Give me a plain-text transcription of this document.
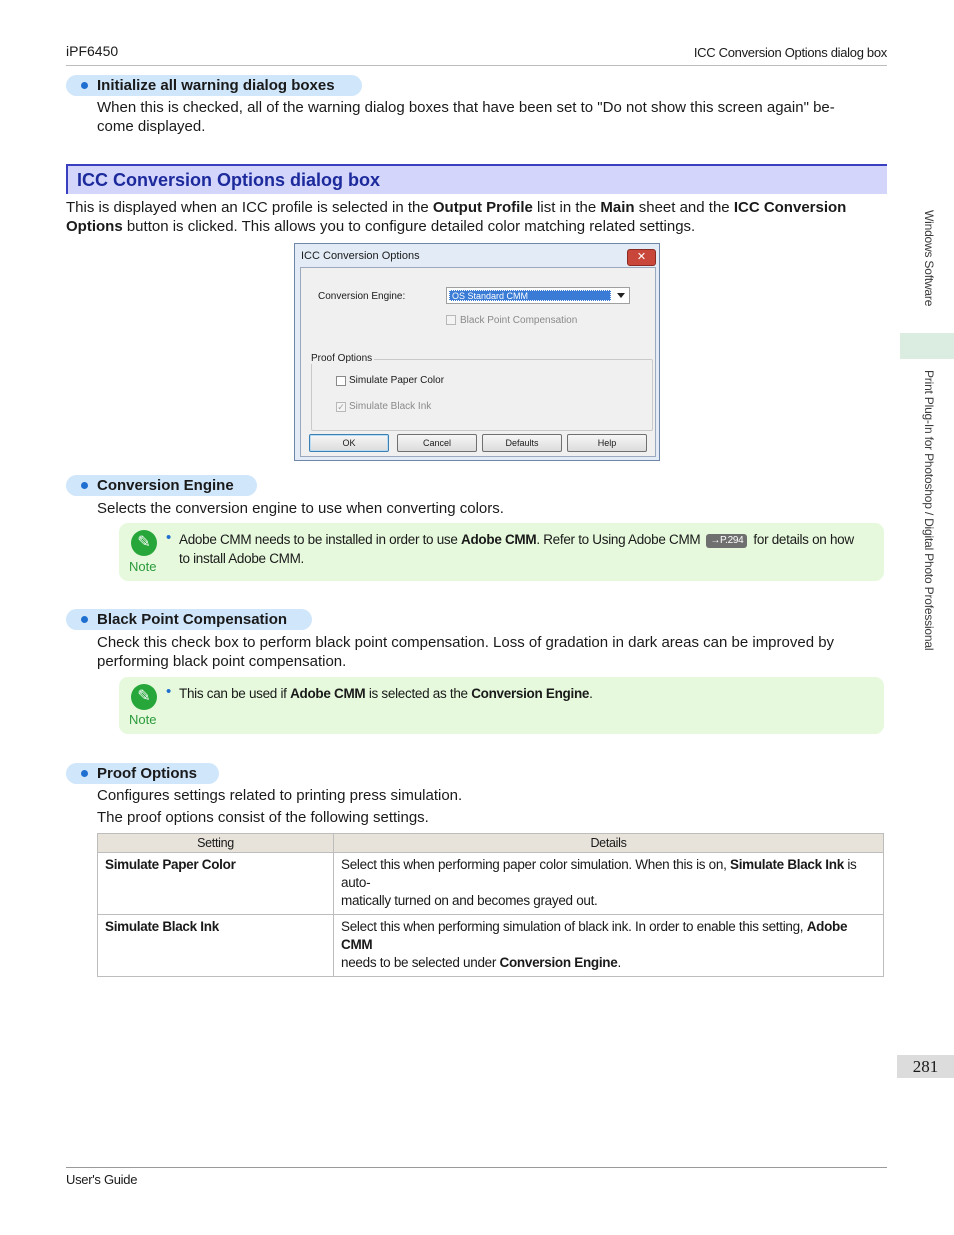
iPF6450	ICC Conversion Options dialog box
Initialize all warning dialog boxes
When this is checked, all of the warning dialog boxes that have been set to "Do not show this screen again" be-
come displayed.
ICC Conversion Options dialog box
This is displayed when an ICC profile is selected in the Output Profile list in the Main sheet and the ICC Conversion
Options button is clicked. This allows you to configure detailed color matching related settings.
ICC Conversion Options	✕
Conversion Engine:	OS Standard CMM
Black Point Compensation
Proof Options
Simulate Paper Color
✓ Simulate Black Ink
OK	Cancel	Defaults	Help
Conversion Engine
Selects the conversion engine to use when converting colors.
✎
Note
• Adobe CMM needs to be installed in order to use Adobe CMM. Refer to Using Adobe CMM →P.294 for details on how
to install Adobe CMM.
Black Point Compensation
Check this check box to perform black point compensation. Loss of gradation in dark areas can be improved by
performing black point compensation.
✎
Note
• This can be used if Adobe CMM is selected as the Conversion Engine.
Proof Options
Configures settings related to printing press simulation.
The proof options consist of the following settings.
Setting	Details
Simulate Paper Color	Select this when performing paper color simulation. When this is on, Simulate Black Ink is auto-
matically turned on and becomes grayed out.
Simulate Black Ink	Select this when performing simulation of black ink. In order to enable this setting, Adobe CMM
needs to be selected under Conversion Engine.
Windows Software
Print Plug-In for Photoshop / Digital Photo Professional
281
User's Guide
